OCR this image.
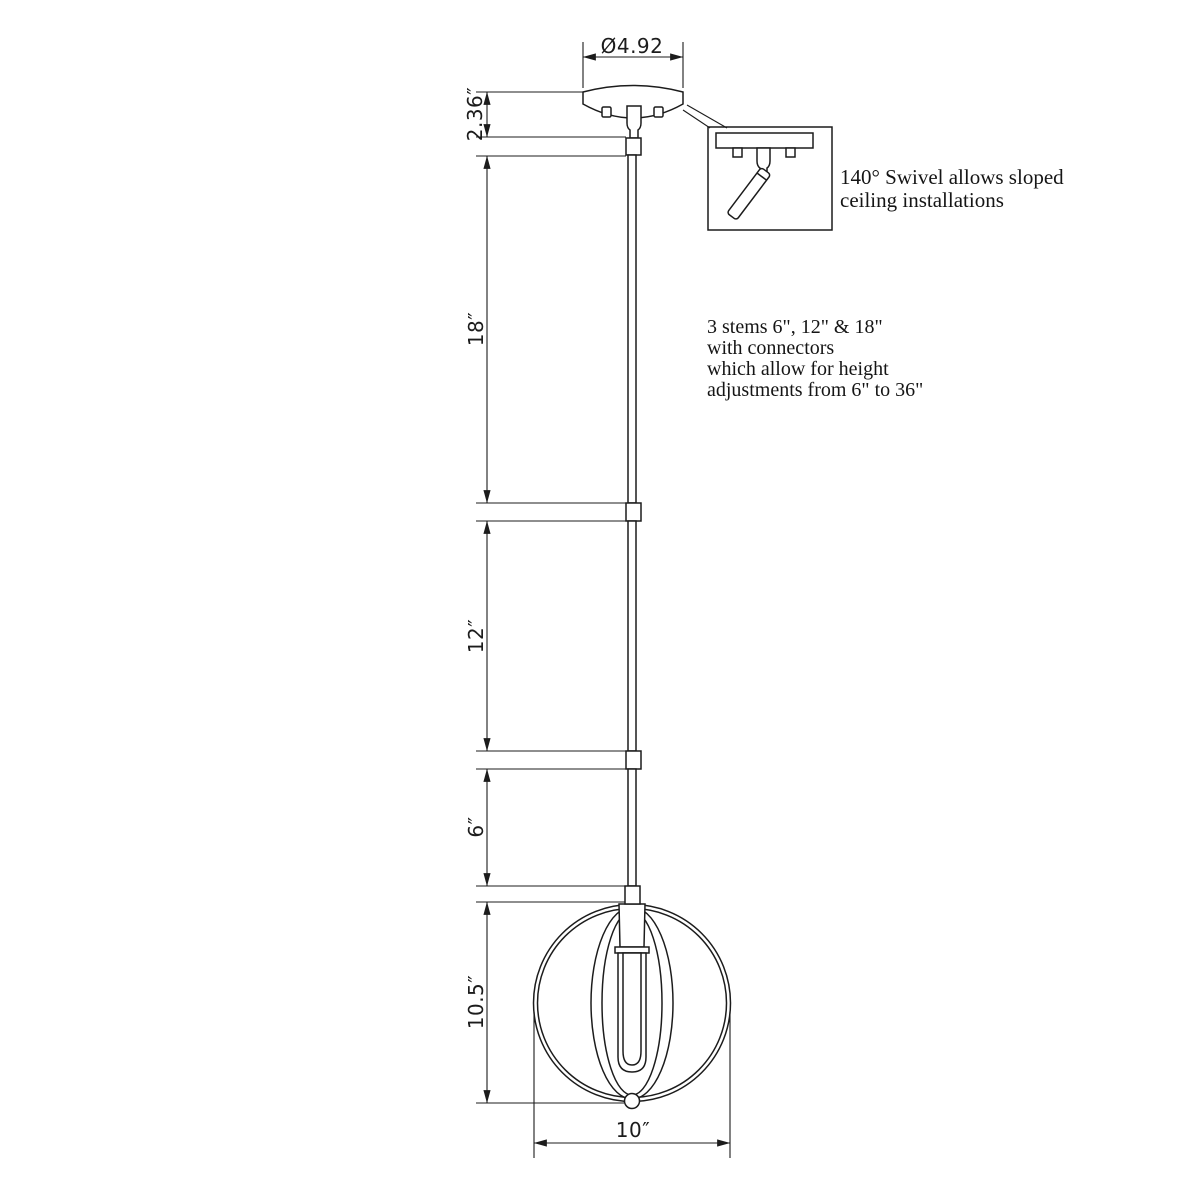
Ø4.92
2.36″
18″
12″
6″
10.5″
10″
140° Swivel allows sloped
ceiling installations
3 stems 6", 12" & 18"
with connectors
which allow for height
adjustments from 6" to 36"
